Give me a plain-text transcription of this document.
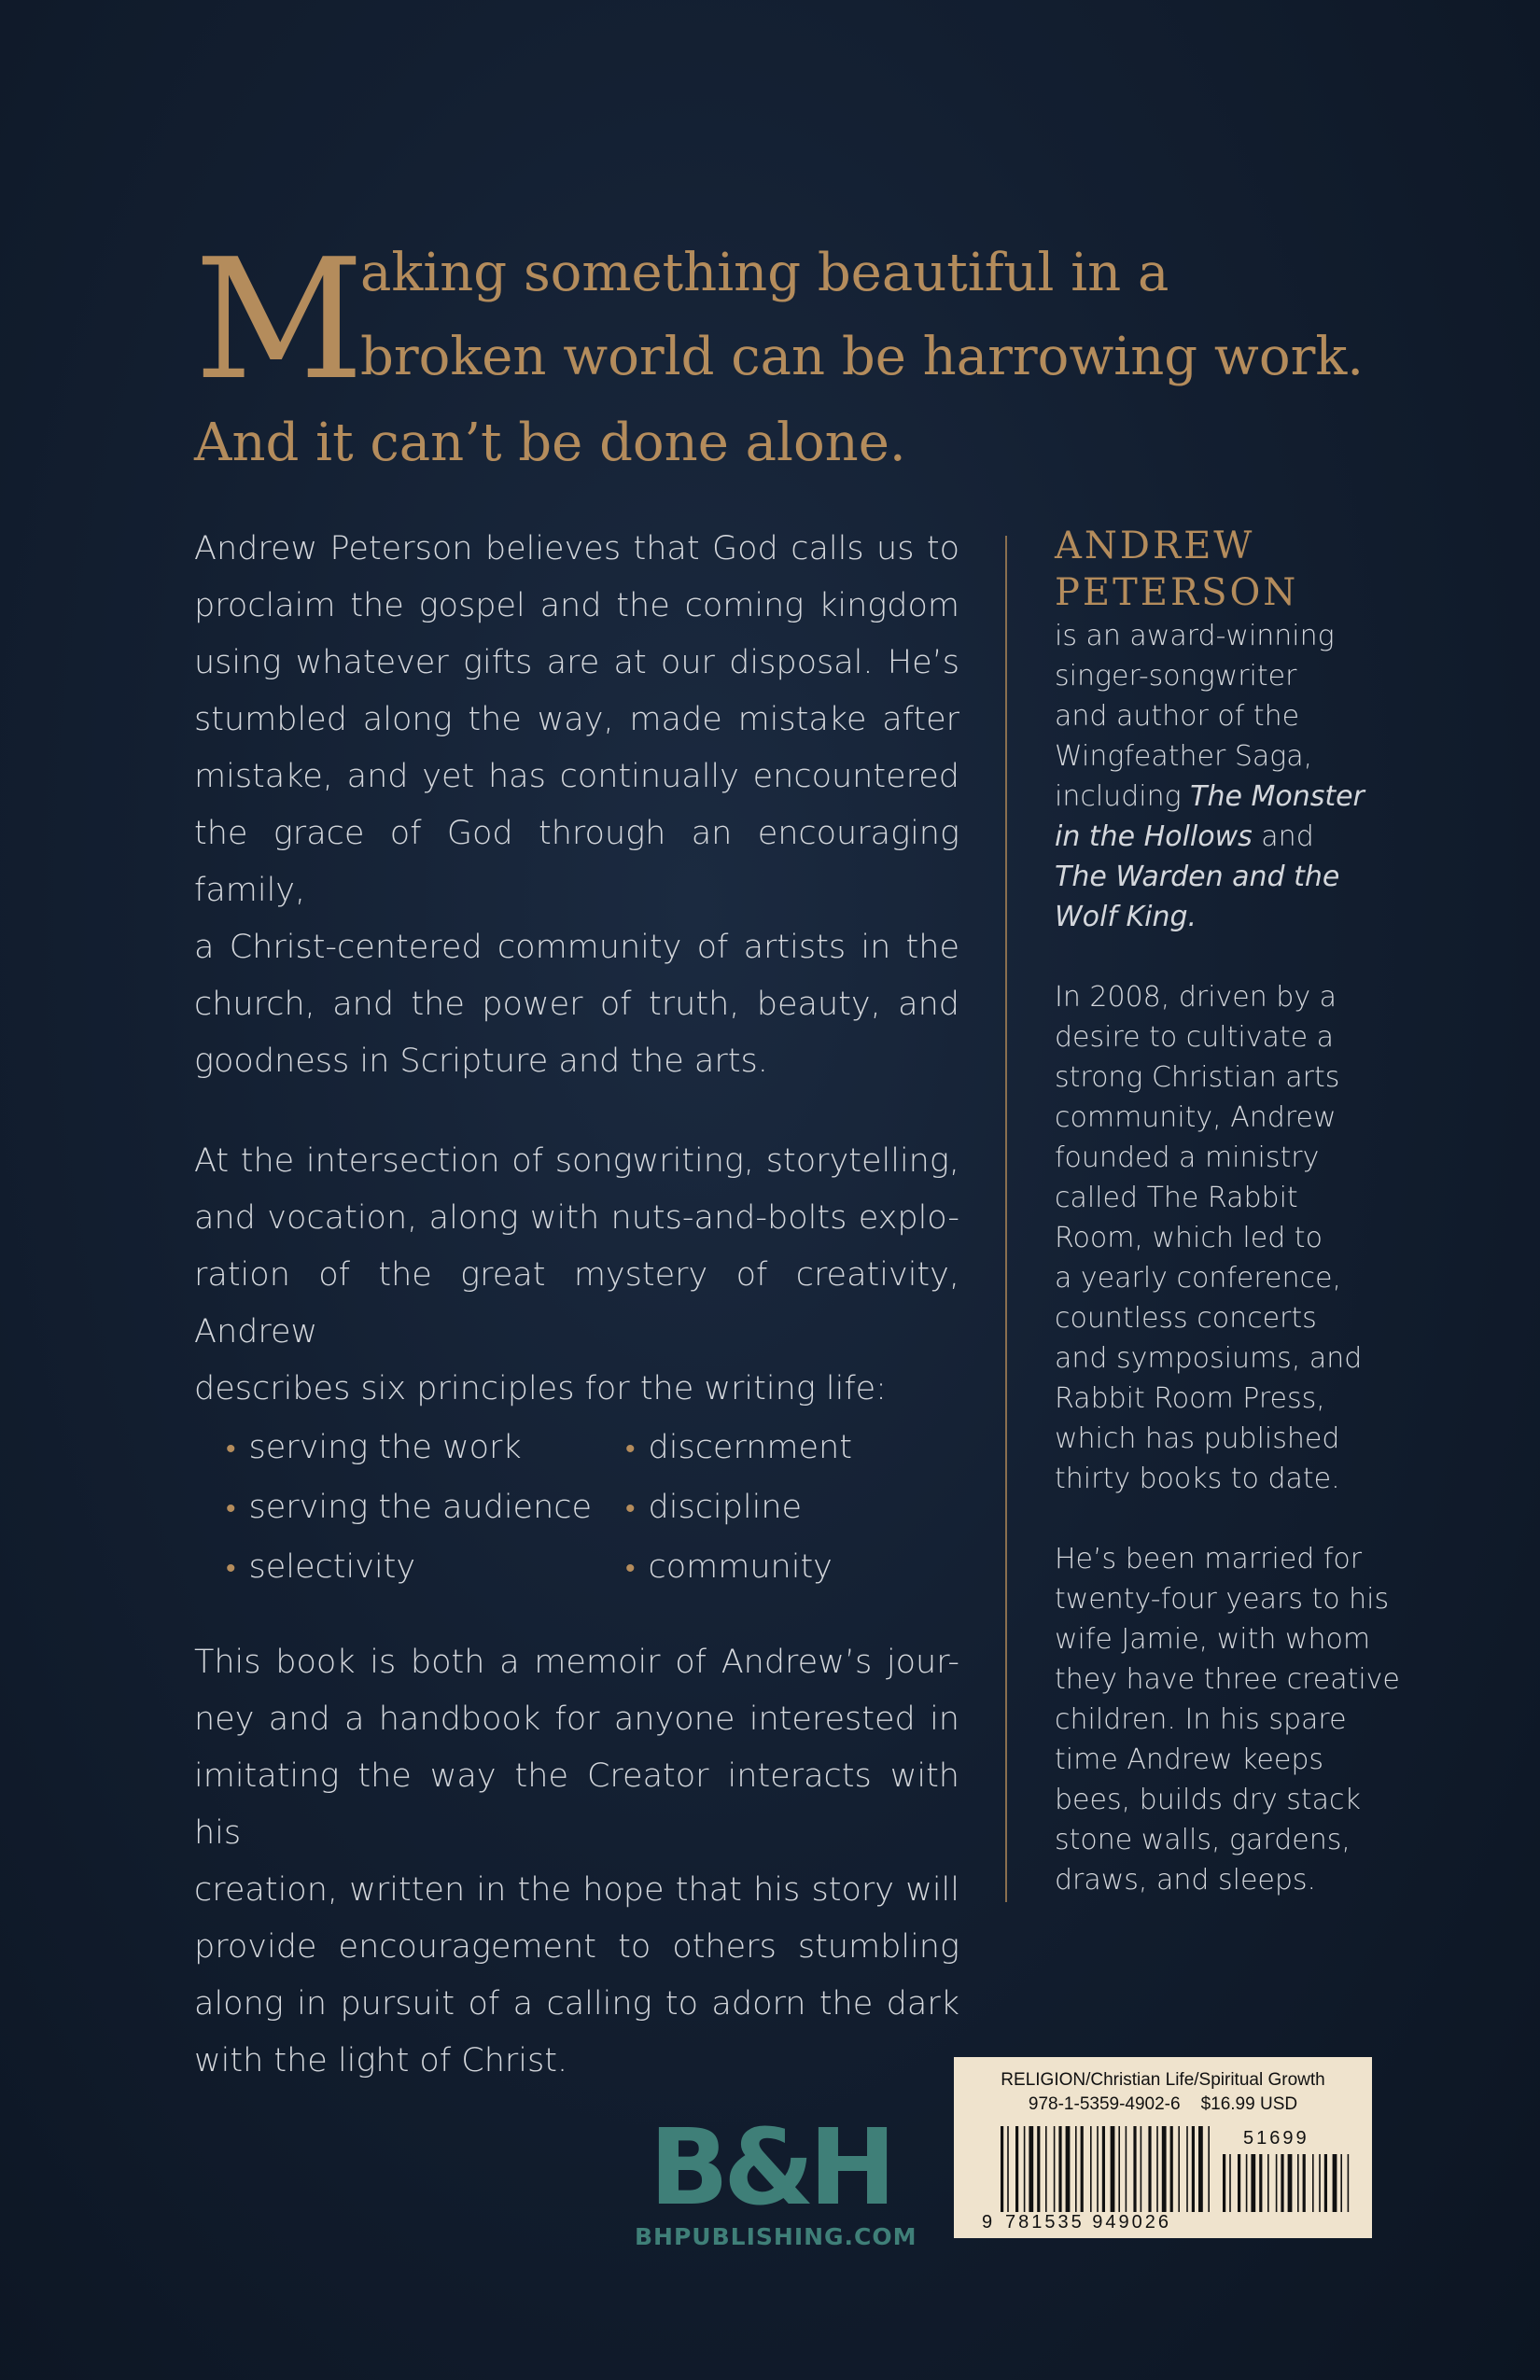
M
aking something beautiful in a
broken world can be harrowing work.
And it can’t be done alone.

Andrew Peterson believes that God calls us to
proclaim the gospel and the coming kingdom
using whatever gifts are at our disposal. He’s
stumbled along the way, made mistake after
mistake, and yet has continually encountered
the grace of God through an encouraging family,
a Christ-centered community of artists in the
church, and the power of truth, beauty, and
goodness in Scripture and the arts.

At the intersection of songwriting, storytelling,
and vocation, along with nuts-and-bolts explo-
ration of the great mystery of creativity, Andrew
describes six principles for the writing life:

• serving the work	• discernment
• serving the audience	• discipline
• selectivity	• community

This book is both a memoir of Andrew’s jour-
ney and a handbook for anyone interested in
imitating the way the Creator interacts with his
creation, written in the hope that his story will
provide encouragement to others stumbling
along in pursuit of a calling to adorn the dark
with the light of Christ.

ANDREW
PETERSON

is an award-winning
singer-songwriter
and author of the
Wingfeather Saga,
including The Monster
in the Hollows and
The Warden and the
Wolf King.

In 2008, driven by a
desire to cultivate a
strong Christian arts
community, Andrew
founded a ministry
called The Rabbit
Room, which led to
a yearly conference,
countless concerts
and symposiums, and
Rabbit Room Press,
which has published
thirty books to date.

He’s been married for
twenty-four years to his
wife Jamie, with whom
they have three creative
children. In his spare
time Andrew keeps
bees, builds dry stack
stone walls, gardens,
draws, and sleeps.

B&H
BHPUBLISHING.COM
RELIGION/Christian Life/Spiritual Growth
978-1-5359-4902-6 $16.99 USD
51699
9 781535 949026
